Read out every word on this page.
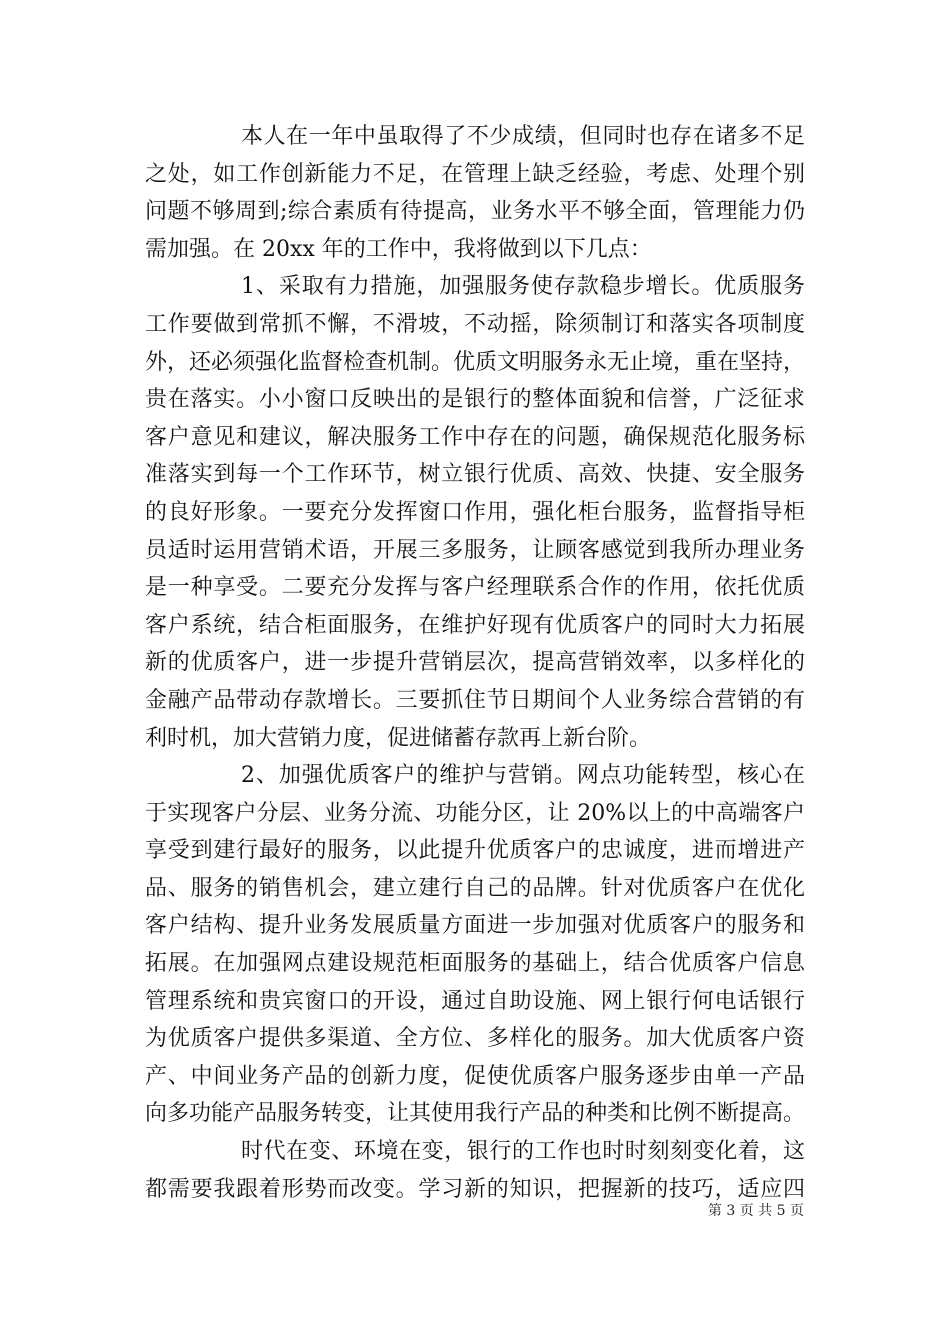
本人在一年中虽取得了不少成绩，但同时也存在诸多不足
之处，如工作创新能力不足，在管理上缺乏经验，考虑、处理个别
问题不够周到;综合素质有待提高，业务水平不够全面，管理能力仍
需加强。在 20xx 年的工作中，我将做到以下几点：
1、采取有力措施，加强服务使存款稳步增长。优质服务
工作要做到常抓不懈，不滑坡，不动摇，除须制订和落实各项制度
外，还必须强化监督检查机制。优质文明服务永无止境，重在坚持，
贵在落实。小小窗口反映出的是银行的整体面貌和信誉，广泛征求
客户意见和建议，解决服务工作中存在的问题，确保规范化服务标
准落实到每一个工作环节，树立银行优质、高效、快捷、安全服务
的良好形象。一要充分发挥窗口作用，强化柜台服务，监督指导柜
员适时运用营销术语，开展三多服务，让顾客感觉到我所办理业务
是一种享受。二要充分发挥与客户经理联系合作的作用，依托优质
客户系统，结合柜面服务，在维护好现有优质客户的同时大力拓展
新的优质客户，进一步提升营销层次，提高营销效率，以多样化的
金融产品带动存款增长。三要抓住节日期间个人业务综合营销的有
利时机，加大营销力度，促进储蓄存款再上新台阶。
2、加强优质客户的维护与营销。网点功能转型，核心在
于实现客户分层、业务分流、功能分区，让 20%以上的中高端客户
享受到建行最好的服务，以此提升优质客户的忠诚度，进而增进产
品、服务的销售机会，建立建行自己的品牌。针对优质客户在优化
客户结构、提升业务发展质量方面进一步加强对优质客户的服务和
拓展。在加强网点建设规范柜面服务的基础上，结合优质客户信息
管理系统和贵宾窗口的开设，通过自助设施、网上银行何电话银行
为优质客户提供多渠道、全方位、多样化的服务。加大优质客户资
产、中间业务产品的创新力度，促使优质客户服务逐步由单一产品
向多功能产品服务转变，让其使用我行产品的种类和比例不断提高。
时代在变、环境在变，银行的工作也时时刻刻变化着，这
都需要我跟着形势而改变。学习新的知识，把握新的技巧，适应四
第 3 页 共 5 页
